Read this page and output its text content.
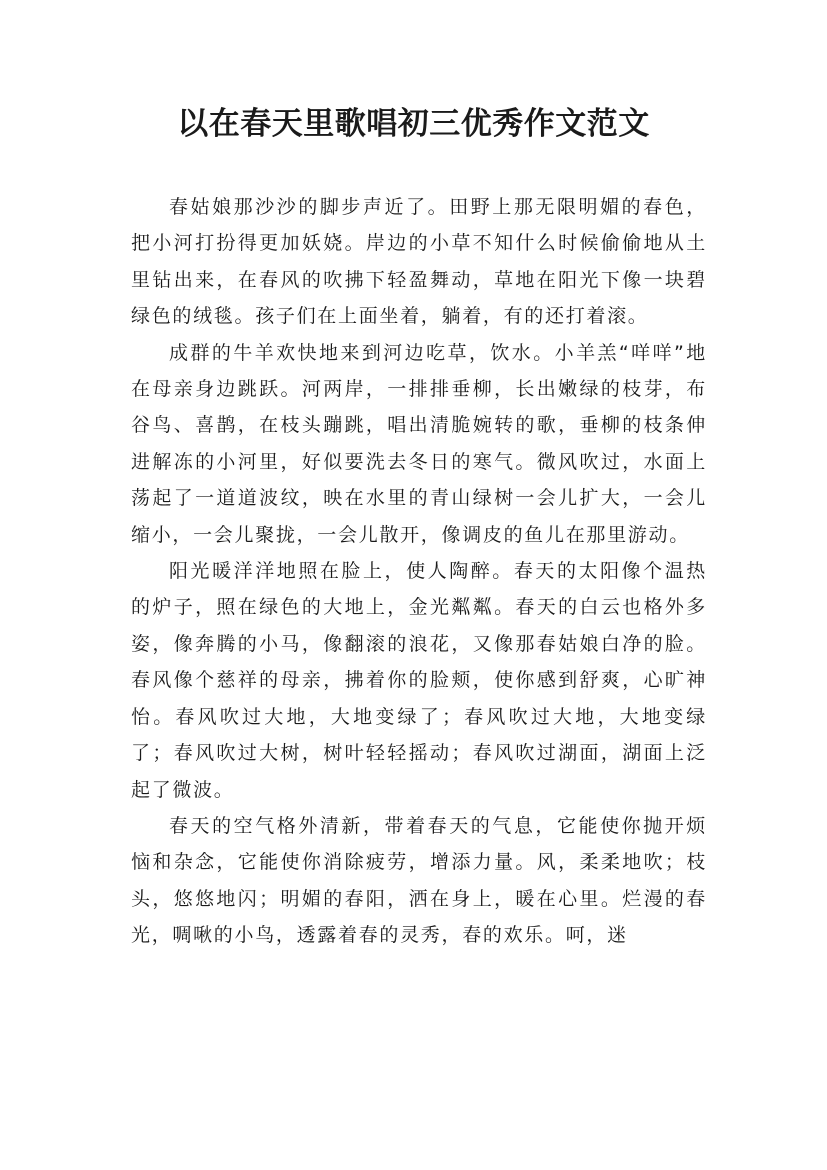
以在春天里歌唱初三优秀作文范文

春姑娘那沙沙的脚步声近了。田野上那无限明媚的春色，把小河打扮得更加妖娆。岸边的小草不知什么时候偷偷地从土里钻出来，在春风的吹拂下轻盈舞动，草地在阳光下像一块碧绿色的绒毯。孩子们在上面坐着，躺着，有的还打着滚。

成群的牛羊欢快地来到河边吃草，饮水。小羊羔“咩咩”地在母亲身边跳跃。河两岸，一排排垂柳，长出嫩绿的枝芽，布谷鸟、喜鹊，在枝头蹦跳，唱出清脆婉转的歌，垂柳的枝条伸进解冻的小河里，好似要洗去冬日的寒气。微风吹过，水面上荡起了一道道波纹，映在水里的青山绿树一会儿扩大，一会儿缩小，一会儿聚拢，一会儿散开，像调皮的鱼儿在那里游动。

阳光暖洋洋地照在脸上，使人陶醉。春天的太阳像个温热的炉子，照在绿色的大地上，金光粼粼。春天的白云也格外多姿，像奔腾的小马，像翻滚的浪花，又像那春姑娘白净的脸。春风像个慈祥的母亲，拂着你的脸颊，使你感到舒爽，心旷神怡。春风吹过大地，大地变绿了；春风吹过大地，大地变绿了；春风吹过大树，树叶轻轻摇动；春风吹过湖面，湖面上泛起了微波。

春天的空气格外清新，带着春天的气息，它能使你抛开烦恼和杂念，它能使你消除疲劳，增添力量。风，柔柔地吹；枝头，悠悠地闪；明媚的春阳，洒在身上，暖在心里。烂漫的春光，啁啾的小鸟，透露着春的灵秀，春的欢乐。呵，迷
